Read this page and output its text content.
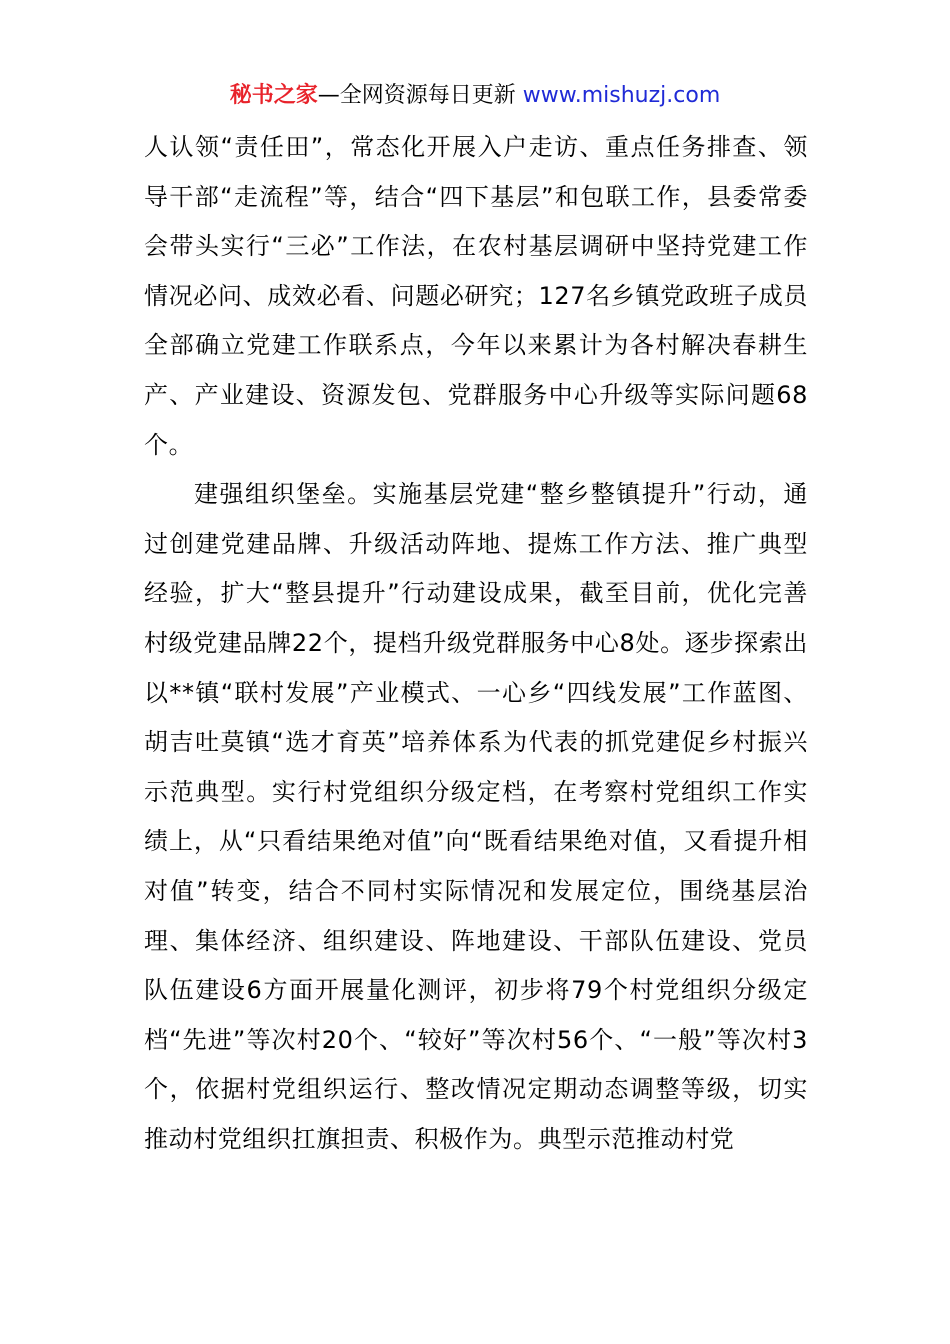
秘书之家—全网资源每日更新 www.mishuzj.com

人认领“责任田”，常态化开展入户走访、重点任务排查、领导干部“走流程”等，结合“四下基层”和包联工作，县委常委会带头实行“三必”工作法，在农村基层调研中坚持党建工作情况必问、成效必看、问题必研究；127名乡镇党政班子成员全部确立党建工作联系点，今年以来累计为各村解决春耕生产、产业建设、资源发包、党群服务中心升级等实际问题68个。

建强组织堡垒。实施基层党建“整乡整镇提升”行动，通过创建党建品牌、升级活动阵地、提炼工作方法、推广典型经验，扩大“整县提升”行动建设成果，截至目前，优化完善村级党建品牌22个，提档升级党群服务中心8处。逐步探索出以**镇“联村发展”产业模式、一心乡“四线发展”工作蓝图、胡吉吐莫镇“选才育英”培养体系为代表的抓党建促乡村振兴示范典型。实行村党组织分级定档，在考察村党组织工作实绩上，从“只看结果绝对值”向“既看结果绝对值，又看提升相对值”转变，结合不同村实际情况和发展定位，围绕基层治理、集体经济、组织建设、阵地建设、干部队伍建设、党员队伍建设6方面开展量化测评，初步将79个村党组织分级定档“先进”等次村20个、“较好”等次村56个、“一般”等次村3个，依据村党组织运行、整改情况定期动态调整等级，切实推动村党组织扛旗担责、积极作为。典型示范推动村党
